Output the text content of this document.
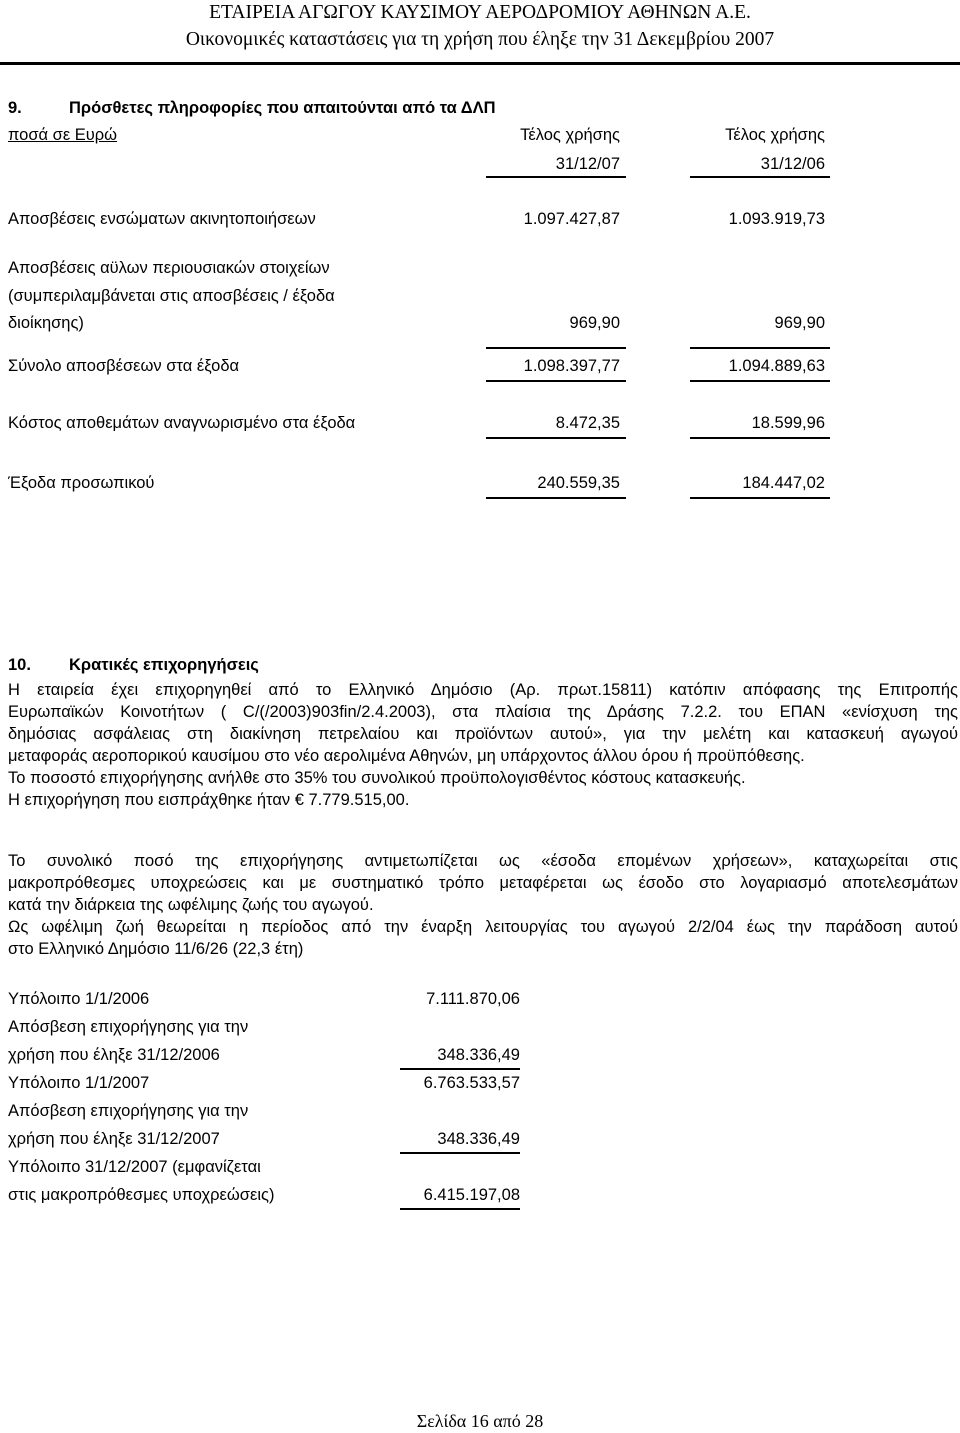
ΕΤΑΙΡΕΙΑ ΑΓΩΓΟΥ ΚΑΥΣΙΜΟΥ ΑΕΡΟΔΡΟΜΙΟΥ ΑΘΗΝΩΝ Α.Ε.
Οικονομικές καταστάσεις για τη χρήση που έληξε την 31 Δεκεμβρίου 2007
9.	Πρόσθετες πληροφορίες που απαιτούνται από τα ΔΛΠ
ποσά σε Ευρώ	Τέλος χρήσης	Τέλος χρήσης
31/12/07	31/12/06
Αποσβέσεις ενσώματων ακινητοποιήσεων	1.097.427,87	1.093.919,73
Αποσβέσεις αϋλων περιουσιακών στοιχείων
(συμπεριλαμβάνεται στις αποσβέσεις / έξοδα
διοίκησης)	969,90	969,90
Σύνολο αποσβέσεων στα έξοδα	1.098.397,77	1.094.889,63
Κόστος αποθεμάτων αναγνωρισμένο στα έξοδα	8.472,35	18.599,96
Έξοδα προσωπικού	240.559,35	184.447,02
10. Κρατικές επιχορηγήσεις
Η εταιρεία έχει επιχορηγηθεί από το Ελληνικό Δημόσιο (Αρ. πρωτ.15811) κατόπιν απόφασης της Επιτροπής
Ευρωπαϊκών Κοινοτήτων ( C/(/2003)903fin/2.4.2003), στα πλαίσια της Δράσης 7.2.2. του ΕΠΑΝ «ενίσχυση της
δημόσιας ασφάλειας στη διακίνηση πετρελαίου και προϊόντων αυτού», για την μελέτη και κατασκευή αγωγού
μεταφοράς αεροπορικού καυσίμου στο νέο αερολιμένα Αθηνών, μη υπάρχοντος άλλου όρου ή προϋπόθεσης.
Το ποσοστό επιχορήγησης ανήλθε στο 35% του συνολικού προϋπολογισθέντος κόστους κατασκευής.
Η επιχορήγηση που εισπράχθηκε ήταν € 7.779.515,00.
Το συνολικό ποσό της επιχορήγησης αντιμετωπίζεται ως «έσοδα επομένων χρήσεων», καταχωρείται στις
μακροπρόθεσμες υποχρεώσεις και με συστηματικό τρόπο μεταφέρεται ως έσοδο στο λογαριασμό αποτελεσμάτων
κατά την διάρκεια της ωφέλιμης ζωής του αγωγού.
Ως ωφέλιμη ζωή θεωρείται η περίοδος από την έναρξη λειτουργίας του αγωγού 2/2/04 έως την παράδοση αυτού
στο Ελληνικό Δημόσιο 11/6/26 (22,3 έτη)
Υπόλοιπο 1/1/2006	7.111.870,06
Απόσβεση επιχορήγησης για την
χρήση που έληξε 31/12/2006	348.336,49
Υπόλοιπο 1/1/2007	6.763.533,57
Απόσβεση επιχορήγησης για την
χρήση που έληξε 31/12/2007	348.336,49
Υπόλοιπο 31/12/2007 (εμφανίζεται
στις μακροπρόθεσμες υποχρεώσεις)	6.415.197,08
Σελίδα 16 από 28
